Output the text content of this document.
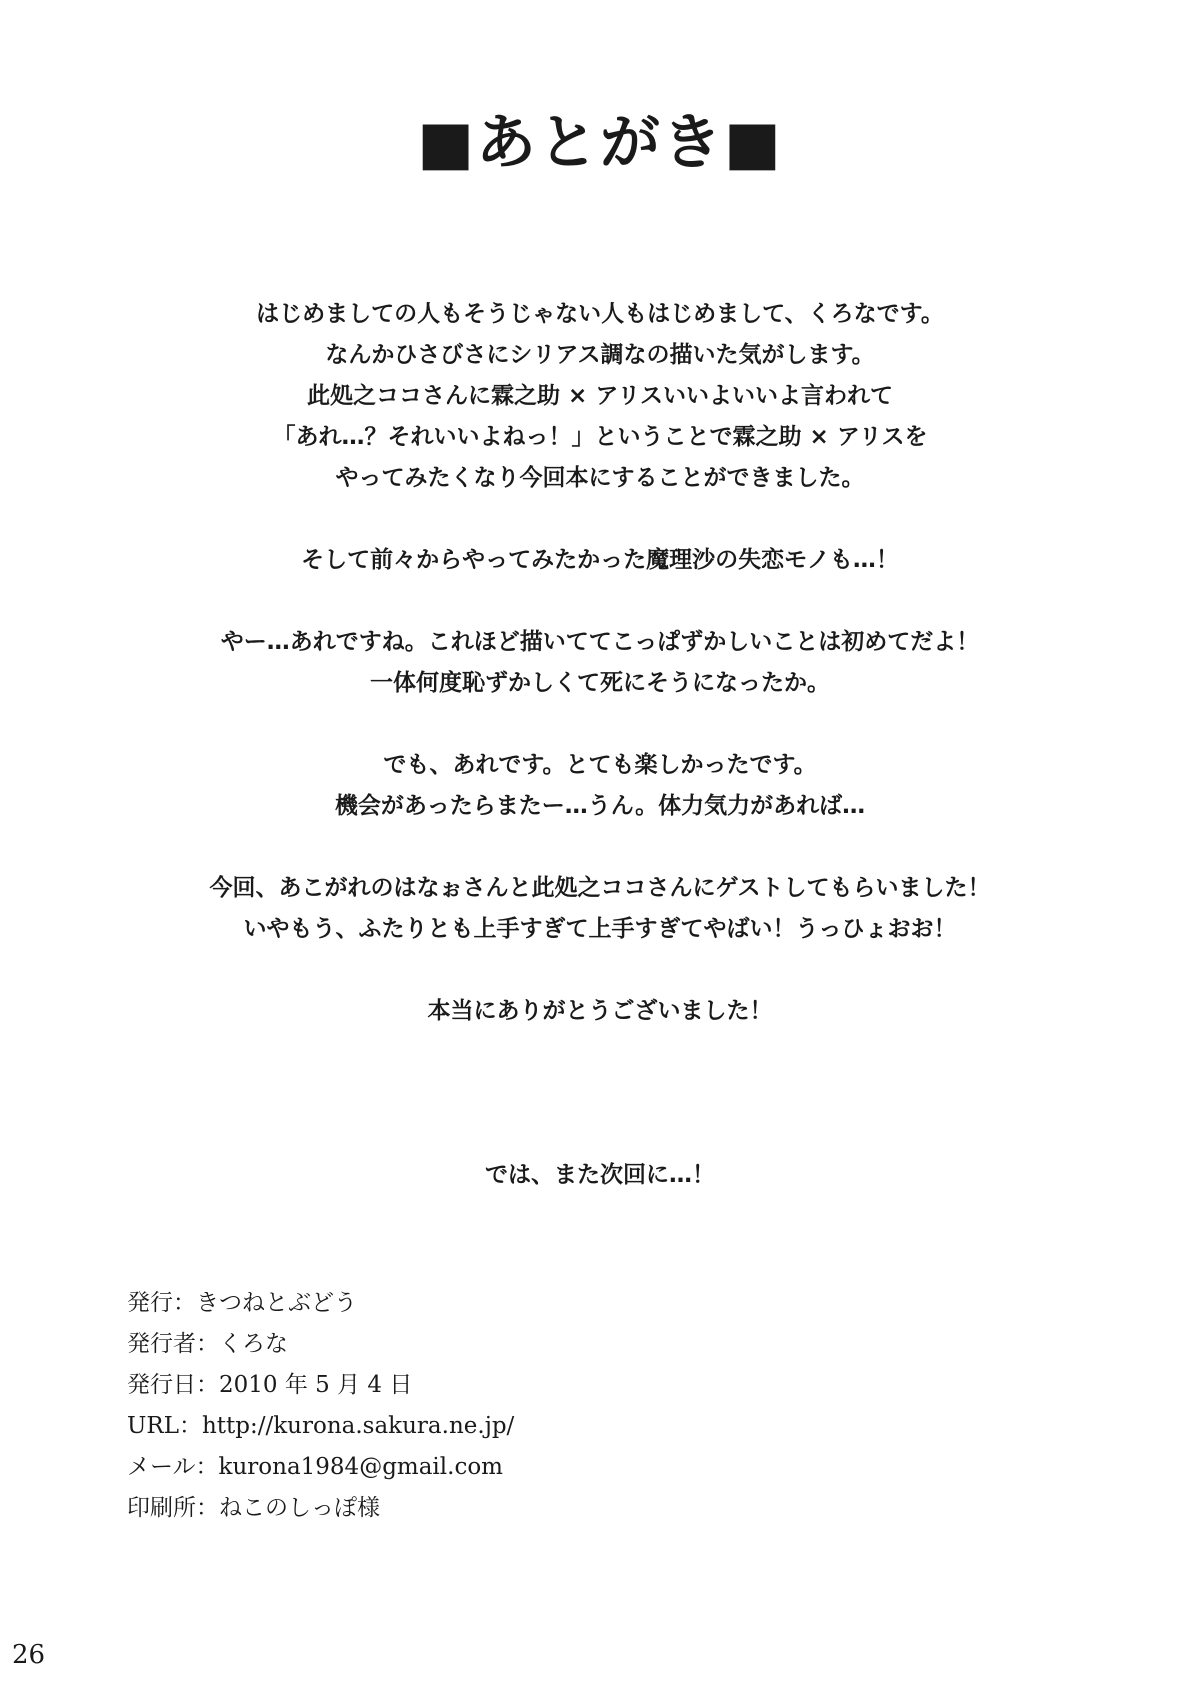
■あとがき■
はじめましての人もそうじゃない人もはじめまして、くろなです。
なんかひさびさにシリアス調なの描いた気がします。
此処之ココさんに霖之助 × アリスいいよいいよ言われて
「あれ…？それいいよねっ！」ということで霖之助 × アリスを
やってみたくなり今回本にすることができました。
そして前々からやってみたかった魔理沙の失恋モノも…！
やー…あれですね。これほど描いててこっぱずかしいことは初めてだよ！
一体何度恥ずかしくて死にそうになったか。
でも、あれです。とても楽しかったです。
機会があったらまたー…うん。体力気力があれば…
今回、あこがれのはなぉさんと此処之ココさんにゲストしてもらいました！
いやもう、ふたりとも上手すぎて上手すぎてやばい！うっひょおお！
本当にありがとうございました！
では、また次回に…！
発行：きつねとぶどう
発行者：くろな
発行日：2010 年 5 月 4 日
URL：http://kurona.sakura.ne.jp/
メール：kurona1984@gmail.com
印刷所：ねこのしっぽ様
26
